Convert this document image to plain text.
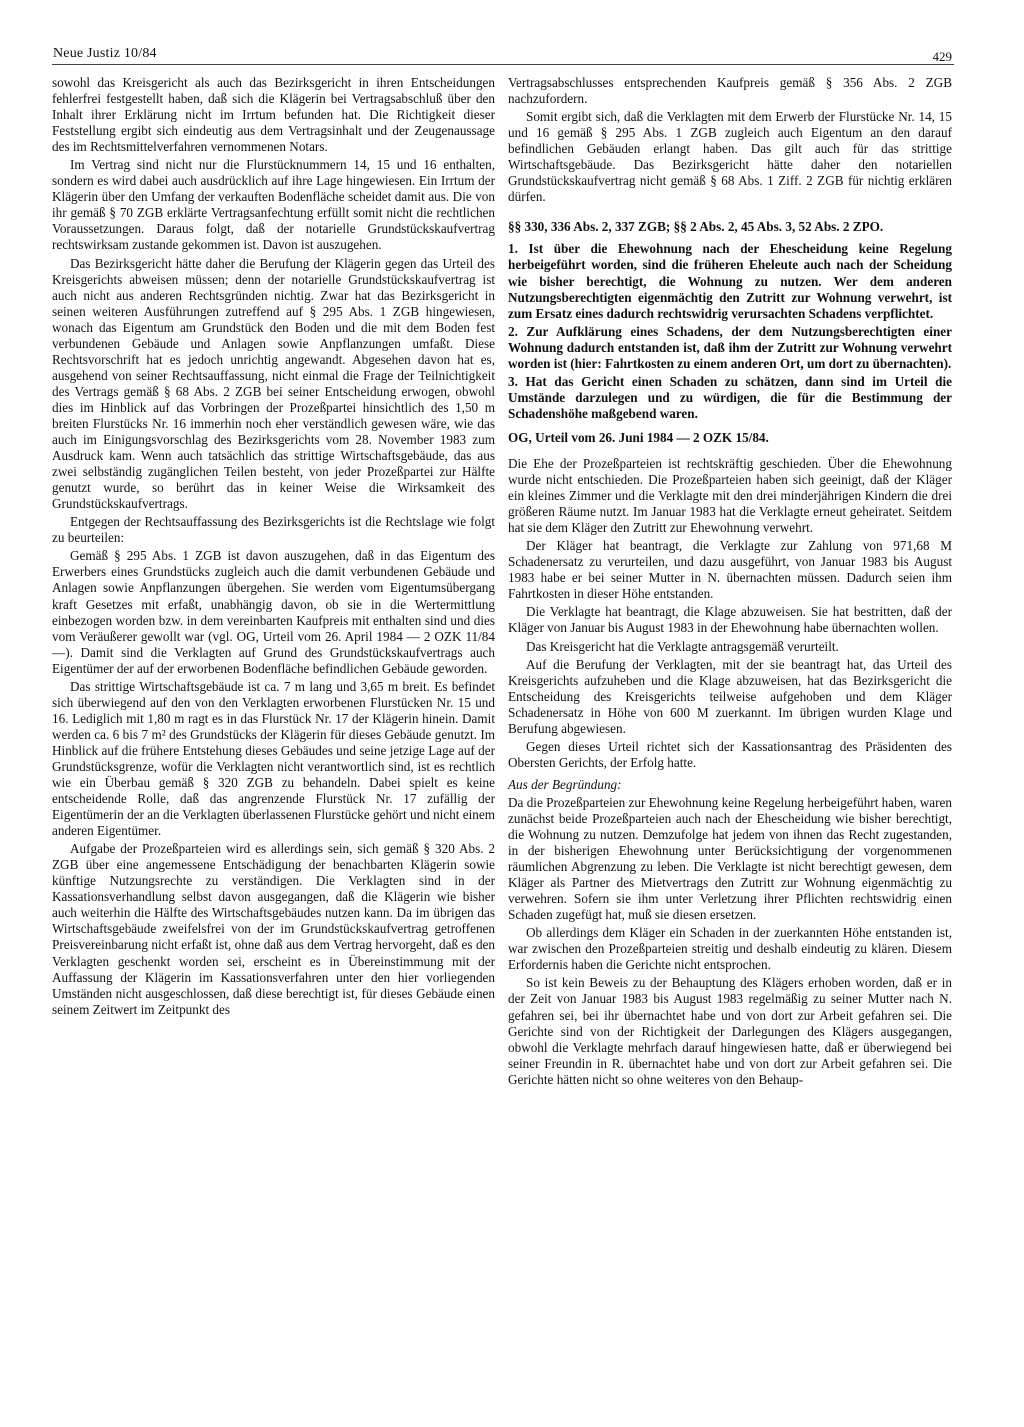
Neue Justiz 10/84	429

sowohl das Kreisgericht als auch das Bezirksgericht in ihren Entscheidungen fehlerfrei festgestellt haben, daß sich die Klägerin bei Vertragsabschluß über den Inhalt ihrer Erklärung nicht im Irrtum befunden hat. Die Richtigkeit dieser Feststellung ergibt sich eindeutig aus dem Vertragsinhalt und der Zeugenaussage des im Rechtsmittelverfahren vernommenen Notars.

Im Vertrag sind nicht nur die Flurstücknummern 14, 15 und 16 enthalten, sondern es wird dabei auch ausdrücklich auf ihre Lage hingewiesen. Ein Irrtum der Klägerin über den Umfang der verkauften Bodenfläche scheidet damit aus. Die von ihr gemäß § 70 ZGB erklärte Vertragsanfechtung erfüllt somit nicht die rechtlichen Voraussetzungen. Daraus folgt, daß der notarielle Grundstückskaufvertrag rechtswirksam zustande gekommen ist. Davon ist auszugehen.

Das Bezirksgericht hätte daher die Berufung der Klägerin gegen das Urteil des Kreisgerichts abweisen müssen; denn der notarielle Grundstückskaufvertrag ist auch nicht aus anderen Rechtsgründen nichtig. Zwar hat das Bezirksgericht in seinen weiteren Ausführungen zutreffend auf § 295 Abs. 1 ZGB hingewiesen, wonach das Eigentum am Grundstück den Boden und die mit dem Boden fest verbundenen Gebäude und Anlagen sowie Anpflanzungen umfaßt. Diese Rechtsvorschrift hat es jedoch unrichtig angewandt. Abgesehen davon hat es, ausgehend von seiner Rechtsauffassung, nicht einmal die Frage der Teilnichtigkeit des Vertrags gemäß § 68 Abs. 2 ZGB bei seiner Entscheidung erwogen, obwohl dies im Hinblick auf das Vorbringen der Prozeßpartei hinsichtlich des 1,50 m breiten Flurstücks Nr. 16 immerhin noch eher verständlich gewesen wäre, wie das auch im Einigungsvorschlag des Bezirksgerichts vom 28. November 1983 zum Ausdruck kam. Wenn auch tatsächlich das strittige Wirtschaftsgebäude, das aus zwei selbständig zugänglichen Teilen besteht, von jeder Prozeßpartei zur Hälfte genutzt wurde, so berührt das in keiner Weise die Wirksamkeit des Grundstückskaufvertrags.

Entgegen der Rechtsauffassung des Bezirksgerichts ist die Rechtslage wie folgt zu beurteilen:

Gemäß § 295 Abs. 1 ZGB ist davon auszugehen, daß in das Eigentum des Erwerbers eines Grundstücks zugleich auch die damit verbundenen Gebäude und Anlagen sowie Anpflanzungen übergehen. Sie werden vom Eigentumsübergang kraft Gesetzes mit erfaßt, unabhängig davon, ob sie in die Wertermittlung einbezogen worden bzw. in dem vereinbarten Kaufpreis mit enthalten sind und dies vom Veräußerer gewollt war (vgl. OG, Urteil vom 26. April 1984 — 2 OZK 11/84 —). Damit sind die Verklagten auf Grund des Grundstückskaufvertrags auch Eigentümer der auf der erworbenen Bodenfläche befindlichen Gebäude geworden.

Das strittige Wirtschaftsgebäude ist ca. 7 m lang und 3,65 m breit. Es befindet sich überwiegend auf den von den Verklagten erworbenen Flurstücken Nr. 15 und 16. Lediglich mit 1,80 m ragt es in das Flurstück Nr. 17 der Klägerin hinein. Damit werden ca. 6 bis 7 m² des Grundstücks der Klägerin für dieses Gebäude genutzt. Im Hinblick auf die frühere Entstehung dieses Gebäudes und seine jetzige Lage auf der Grundstücksgrenze, wofür die Verklagten nicht verantwortlich sind, ist es rechtlich wie ein Überbau gemäß § 320 ZGB zu behandeln. Dabei spielt es keine entscheidende Rolle, daß das angrenzende Flurstück Nr. 17 zufällig der Eigentümerin der an die Verklagten überlassenen Flurstücke gehört und nicht einem anderen Eigentümer.

Aufgabe der Prozeßparteien wird es allerdings sein, sich gemäß § 320 Abs. 2 ZGB über eine angemessene Entschädigung der benachbarten Klägerin sowie künftige Nutzungsrechte zu verständigen. Die Verklagten sind in der Kassationsverhandlung selbst davon ausgegangen, daß die Klägerin wie bisher auch weiterhin die Hälfte des Wirtschaftsgebäudes nutzen kann. Da im übrigen das Wirtschaftsgebäude zweifelsfrei von der im Grundstückskaufvertrag getroffenen Preisvereinbarung nicht erfaßt ist, ohne daß aus dem Vertrag hervorgeht, daß es den Verklagten geschenkt worden sei, erscheint es in Übereinstimmung mit der Auffassung der Klägerin im Kassationsverfahren unter den hier vorliegenden Umständen nicht ausgeschlossen, daß diese berechtigt ist, für dieses Gebäude einen seinem Zeitwert im Zeitpunkt des

Vertragsabschlusses entsprechenden Kaufpreis gemäß § 356 Abs. 2 ZGB nachzufordern.

Somit ergibt sich, daß die Verklagten mit dem Erwerb der Flurstücke Nr. 14, 15 und 16 gemäß § 295 Abs. 1 ZGB zugleich auch Eigentum an den darauf befindlichen Gebäuden erlangt haben. Das gilt auch für das strittige Wirtschaftsgebäude. Das Bezirksgericht hätte daher den notariellen Grundstückskaufvertrag nicht gemäß § 68 Abs. 1 Ziff. 2 ZGB für nichtig erklären dürfen.

§§ 330, 336 Abs. 2, 337 ZGB; §§ 2 Abs. 2, 45 Abs. 3, 52 Abs. 2 ZPO.

1. Ist über die Ehewohnung nach der Ehescheidung keine Regelung herbeigeführt worden, sind die früheren Eheleute auch nach der Scheidung wie bisher berechtigt, die Wohnung zu nutzen. Wer dem anderen Nutzungsberechtigten eigenmächtig den Zutritt zur Wohnung verwehrt, ist zum Ersatz eines dadurch rechtswidrig verursachten Schadens verpflichtet.

2. Zur Aufklärung eines Schadens, der dem Nutzungsberechtigten einer Wohnung dadurch entstanden ist, daß ihm der Zutritt zur Wohnung verwehrt worden ist (hier: Fahrtkosten zu einem anderen Ort, um dort zu übernachten).

3. Hat das Gericht einen Schaden zu schätzen, dann sind im Urteil die Umstände darzulegen und zu würdigen, die für die Bestimmung der Schadenshöhe maßgebend waren.

OG, Urteil vom 26. Juni 1984 — 2 OZK 15/84.

Die Ehe der Prozeßparteien ist rechtskräftig geschieden. Über die Ehewohnung wurde nicht entschieden. Die Prozeßparteien haben sich geeinigt, daß der Kläger ein kleines Zimmer und die Verklagte mit den drei minderjährigen Kindern die drei größeren Räume nutzt. Im Januar 1983 hat die Verklagte erneut geheiratet. Seitdem hat sie dem Kläger den Zutritt zur Ehewohnung verwehrt.

Der Kläger hat beantragt, die Verklagte zur Zahlung von 971,68 M Schadenersatz zu verurteilen, und dazu ausgeführt, von Januar 1983 bis August 1983 habe er bei seiner Mutter in N. übernachten müssen. Dadurch seien ihm Fahrtkosten in dieser Höhe entstanden.

Die Verklagte hat beantragt, die Klage abzuweisen. Sie hat bestritten, daß der Kläger von Januar bis August 1983 in der Ehewohnung habe übernachten wollen.

Das Kreisgericht hat die Verklagte antragsgemäß verurteilt.

Auf die Berufung der Verklagten, mit der sie beantragt hat, das Urteil des Kreisgerichts aufzuheben und die Klage abzuweisen, hat das Bezirksgericht die Entscheidung des Kreisgerichts teilweise aufgehoben und dem Kläger Schadenersatz in Höhe von 600 M zuerkannt. Im übrigen wurden Klage und Berufung abgewiesen.

Gegen dieses Urteil richtet sich der Kassationsantrag des Präsidenten des Obersten Gerichts, der Erfolg hatte.

Aus der Begründung:

Da die Prozeßparteien zur Ehewohnung keine Regelung herbeigeführt haben, waren zunächst beide Prozeßparteien auch nach der Ehescheidung wie bisher berechtigt, die Wohnung zu nutzen. Demzufolge hat jedem von ihnen das Recht zugestanden, in der bisherigen Ehewohnung unter Berücksichtigung der vorgenommenen räumlichen Abgrenzung zu leben. Die Verklagte ist nicht berechtigt gewesen, dem Kläger als Partner des Mietvertrags den Zutritt zur Wohnung eigenmächtig zu verwehren. Sofern sie ihm unter Verletzung ihrer Pflichten rechtswidrig einen Schaden zugefügt hat, muß sie diesen ersetzen.

Ob allerdings dem Kläger ein Schaden in der zuerkannten Höhe entstanden ist, war zwischen den Prozeßparteien streitig und deshalb eindeutig zu klären. Diesem Erfordernis haben die Gerichte nicht entsprochen.

So ist kein Beweis zu der Behauptung des Klägers erhoben worden, daß er in der Zeit von Januar 1983 bis August 1983 regelmäßig zu seiner Mutter nach N. gefahren sei, bei ihr übernachtet habe und von dort zur Arbeit gefahren sei. Die Gerichte sind von der Richtigkeit der Darlegungen des Klägers ausgegangen, obwohl die Verklagte mehrfach darauf hingewiesen hatte, daß er überwiegend bei seiner Freundin in R. übernachtet habe und von dort zur Arbeit gefahren sei. Die Gerichte hätten nicht so ohne weiteres von den Behaup-
